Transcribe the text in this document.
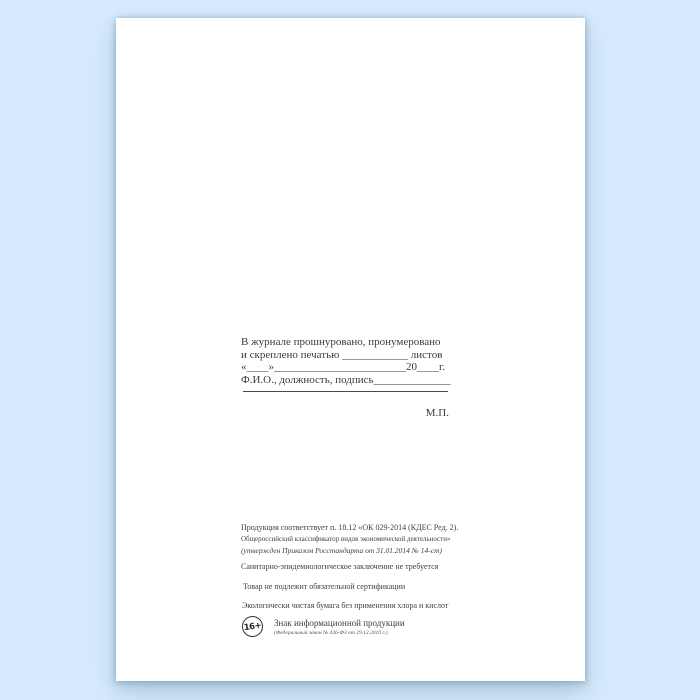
В журнале прошнуровано, пронумеровано
и скреплено печатью ____________ листов
«____»________________________20____г.
Ф.И.О., должность, подпись______________
М.П.
Продукция соответствует п. 18.12 «ОК 029-2014 (КДЕС Ред. 2).
Общероссийский классификатор видов экономической деятельности»
(утвержден Приказом Росстандарта от 31.01.2014 № 14-ст)
Санитарно-эпидемиологическое заключение не требуется
Товар не подлежит обязательной сертификации
Экологически чистая бумага без применения хлора и кислот
16+ Знак информационной продукции
(Федеральный закон № 436-ФЗ от 29.12.2010 г.)
